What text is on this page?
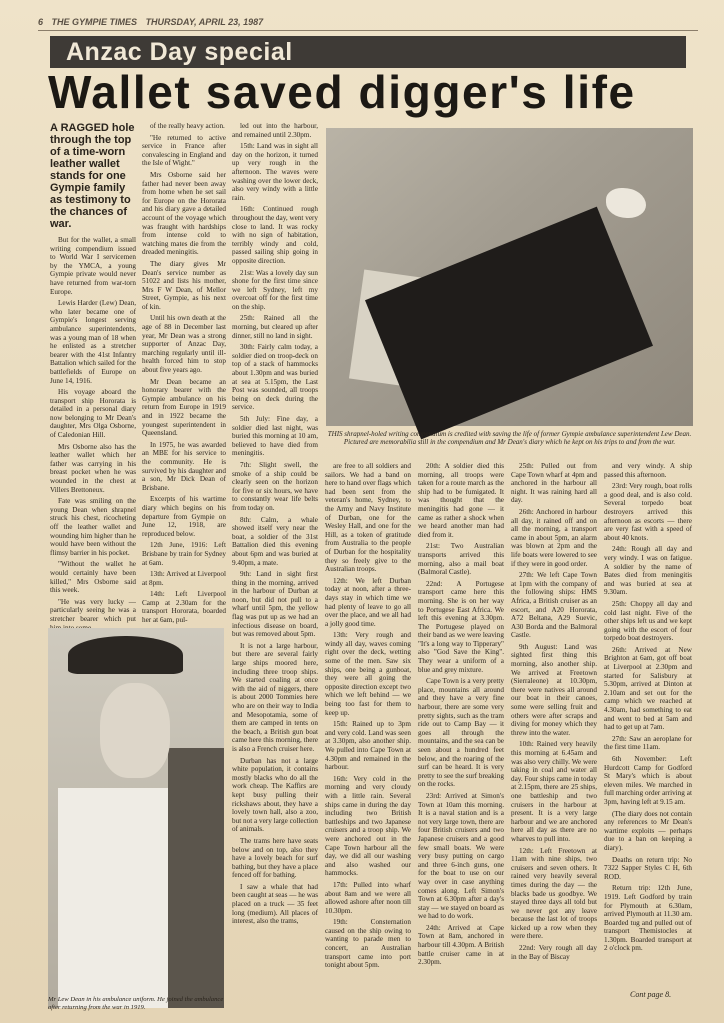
6 THE GYMPIE TIMES THURSDAY, APRIL 23, 1987
Anzac Day special
Wallet saved digger's life

A RAGGED hole through the top of a time-worn leather wallet stands for one Gympie family as testimony to the chances of war.

But for the wallet, a small writing compendium issued to World War I servicemen by the YMCA, a young Gympie private would never have returned from war-torn Europe.

Lewis Harder (Lew) Dean, who later became one of Gympie's longest serving ambulance superintendents, was a young man of 18 when he enlisted as a stretcher bearer with the 41st Infantry Battalion which sailed for the battlefields of Europe on June 14, 1916.

His voyage aboard the transport ship Hororata is detailed in a personal diary now belonging to Mr Dean's daughter, Mrs Olga Osborne, of Caledonian Hill.

Mrs Osborne also has the leather wallet which her father was carrying in his breast pocket when he was wounded in the chest at Villers Brettoneux.

Fate was smiling on the young Dean when shrapnel struck his chest, ricocheting off the leather wallet and wounding him higher than he would have been without the flimsy barrier in his pocket.

"Without the wallet he would certainly have been killed," Mrs Osborne said this week.

"He was very lucky — particularly seeing he was a stretcher bearer which put

of the really heavy action.

"He returned to active service in France after convalescing in England and the Isle of Wight."

Mrs Osborne said her father had never been away from home when he set sail for Europe on the Hororata and his diary gave a detailed account of the voyage which was fraught with hardships from intense cold to watching mates die from the dreaded meningitis.

The diary gives Mr Dean's service number as 51022 and lists his mother, Mrs F W Dean, of Mellor Street, Gympie, as his next of kin.

Until his own death at the age of 88 in December last year, Mr Dean was a strong supporter of Anzac Day, marching regularly until ill-health forced him to stop about five years ago.

Mr Dean became an honorary bearer with the Gympie ambulance on his return from Europe in 1919 and in 1922 became the youngest superintendent in Queensland.

In 1975, he was awarded an MBE for his service to the community. He is survived by his daughter and a son, Mr Dick Dean of Brisbane.

Excerpts of his wartime diary which begins on his departure from Gympie on June 12, 1918, are reproduced below.

12th June, 1916: Left Brisbane by train for Sydney at 6am.

13th: Arrived at Liverpool at 8pm.

14th: Left Liverpool Camp at 2.30am for the transport Hororata, boarded her at 6am, pul-

led out into the harbour, and remained until 2.30pm.

15th: Land was in sight all day on the horizon, it turned up very rough in the afternoon. The waves were washing over the lower deck, also very windy with a little rain.

16th: Continued rough throughout the day, went very close to land. It was rocky with no sign of habitation, terribly windy and cold, passed sailing ship going in opposite direction.

21st: Was a lovely day sun shone for the first time since we left Sydney, left my overcoat off for the first time on the ship.

25th: Rained all the morning, but cleared up after dinner, still no land in sight.

30th: Fairly calm today, a soldier died on troop-deck on top of a stack of hammocks about 1.30pm and was buried at sea at 5.15pm, the Last Post was sounded, all troops being on deck during the service.

5th July: Fine day, a soldier died last night, was buried this morning at 10 am, believed to have died from meningitis.

7th: Slight swell, the smoke of a ship could be clearly seen on the horizon for five or six hours, we have to constantly wear life belts from today on.

8th: Calm, a whale showed itself very near the boat, a soldier of the 31st Battalion died this evening about 6pm and was buried at 9.40pm, a mate.

9th: Land in sight first thing in the morning, arrived in the harbour of Durban at noon, but did not pull to a wharf until 5pm, the yellow flag was put up as we had an infectious disease on board, but was removed about 5pm.

It is not a large harbour, but there are several fairly large ships moored here, including three troop ships. We started coaling at once with the aid of niggers, there is about 2000 Tommies here who are on their way to India and Mesopotamia, some of them are camped in tents on the beach, a British gun boat came here this morning, there is also a French cruiser here.

Durban has not a large white population, it contains mostly blacks who do all the work cheap. The Kaffirs are kept busy pulling their rickshaws about, they have a lovely town hall, also a zoo, but not a very large collection of animals.

The trams here have seats below and on top, also they have a lovely beach for surf bathing, but they have a place fenced off for bathing.

I saw a whale that had been caught at seas — he was placed on a truck — 35 feet long (medium). All places of interest, also the trams,

are free to all soldiers and sailors. We had a band on here to hand over flags which had been sent from the veteran's home, Sydney, to the Army and Navy Institute of Durban, one for the Wesley Hall, and one for the Hill, as a token of gratitude from Australia to the people of Durban for the hospitality they so freely give to the Australian troops.

12th: We left Durban today at noon, after a three-days stay in which time we had plenty of leave to go all over the place, and we all had a jolly good time.

13th: Very rough and windy all day, waves coming right over the deck, wetting some of the men. Saw six ships, one being a gunboat, they were all going the opposite direction except two which we left behind — we being too fast for them to keep up.

15th: Rained up to 3pm and very cold. Land was seen at 3.30pm, also another ship. We pulled into Cape Town at 4.30pm and remained in the harbour.

16th: Very cold in the morning and very cloudy with a little rain. Several ships came in during the day including two British battleships and two Japanese cruisers and a troop ship. We were anchored out in the Cape Town harbour all the day, we did all our washing and also washed our hammocks.

17th: Pulled into wharf about 8am and we were all allowed ashore after noon till 10.30pm.

19th: Consternation caused on the ship owing to wanting to parade men to concert, an Australian transport came into port tonight about 5pm.

20th: A soldier died this morning, all troops were taken for a route march as the ship had to be fumigated. It was thought that the meningitis had gone — it came as rather a shock when we heard another man had died from it.

21st: Two Australian transports arrived this morning, also a mail boat (Balmoral Castle).

22nd: A Portugese transport came here this morning. She is on her way to Portugese East Africa. We left this evening at 3.30pm. The Portugese played on their band as we were leaving "It's a long way to Tipperary" also "God Save the King". They wear a uniform of a blue and grey mixture.

Cape Town is a very pretty place, mountains all around and they have a very fine harbour, there are some very pretty sights, such as the tram ride out to Camp Bay — it goes all through the mountains, and the sea can be seen about a hundred feet below, and the roaring of the surf can be heard. It is very pretty to see the surf breaking on the rocks.

23rd: Arrived at Simon's Town at 10am this morning. It is a naval station and is a not very large town, there are four British cruisers and two Japanese cruisers and a good few small boats. We were very busy putting on cargo and three 6-inch guns, one for the boat to use on our way over in case anything comes along. Left Simon's Town at 6.30pm after a day's stay — we stayed on board as we had to do work.

24th: Arrived at Cape Town at 8am, anchored in harbour till 4.30pm. A British battle cruiser came in at 2.30pm.

25th: Pulled out from Cape Town wharf at 4pm and anchored in the harbour all night. It was raining hard all day.

26th: Anchored in harbour all day, it rained off and on all the morning, a transport came in about 5pm, an alarm was blown at 2pm and the life boats were lowered to see if they were in good order.

27th: We left Cape Town at 1pm with the company of the following ships: HMS Africa, a British cruiser as an escort, and A20 Hororata, A72 Beltana, A29 Suevic, A30 Borda and the Balmoral Castle.

9th August: Land was sighted first thing this morning, also another ship. We arrived at Freetown (Sierraleone) at 10.30pm, there were natives all around our boat in their canoes, some were selling fruit and others were after scraps and diving for money which they threw into the water.

10th: Rained very heavily this morning at 6.45am and was also very chilly. We were taking in coal and water all day. Four ships came in today at 2.15pm, there are 25 ships, one battleship and two cruisers in the harbour at present. It is a very large harbour and we are anchored here all day as there are no wharves to pull into.

12th: Left Freetown at 11am with nine ships, two cruisers and seven others. It rained very heavily several times during the day — the blacks bade us goodbye. We stayed three days all told but we never got any leave because the last lot of troops kicked up a row when they were there.

22nd: Very rough all day in the Bay of Biscay

and very windy. A ship passed this afternoon.

23rd: Very rough, boat rolls a good deal, and is also cold. Several torpedo boat destroyers arrived this afternoon as escorts — there are very fast with a speed of about 40 knots.

24th: Rough all day and very windy. I was on fatigue. A soldier by the name of Bates died from meningitis and was buried at sea at 9.30am.

25th: Choppy all day and cold last night. Five of the other ships left us and we kept going with the escort of four torpedo boat destroyers.

26th: Arrived at New Brighton at 6am, got off boat at Liverpool at 2.30pm and started for Salisbury at 5.30pm, arrived at Dinton at 2.10am and set out for the camp which we reached at 4.30am, had something to eat and went to bed at 5am and had to get up at 7am.

27th: Saw an aeroplane for the first time 11am.

6th November: Left Hurdcott Camp for Godford St Mary's which is about eleven miles. We marched in full marching order arriving at 3pm, having left at 9.15 am.

(The diary does not contain any references to Mr Dean's wartime exploits — perhaps due to a ban on keeping a diary).

Deaths on return trip: No 7322 Sapper Styles C H, 6th ROD.

Return trip: 12th June, 1919. Left Godford by train for Plymouth at 6.30am, arrived Plymouth at 11.30 am. Boarded tug and pulled out of transport Themistocles at 1.30pm. Boarded transport at 2 o'clock pm.

THIS shrapnel-holed writing compendium is credited with saving the life of former Gympie ambulance superintendent Lew Dean. Pictured are memorabilia still in the compendium and Mr Dean's diary which he kept on his trips to and from the war.
Mr Lew Dean in his ambulance uniform. He joined the ambulance after returning from the war in 1919.
Cont page 8.
